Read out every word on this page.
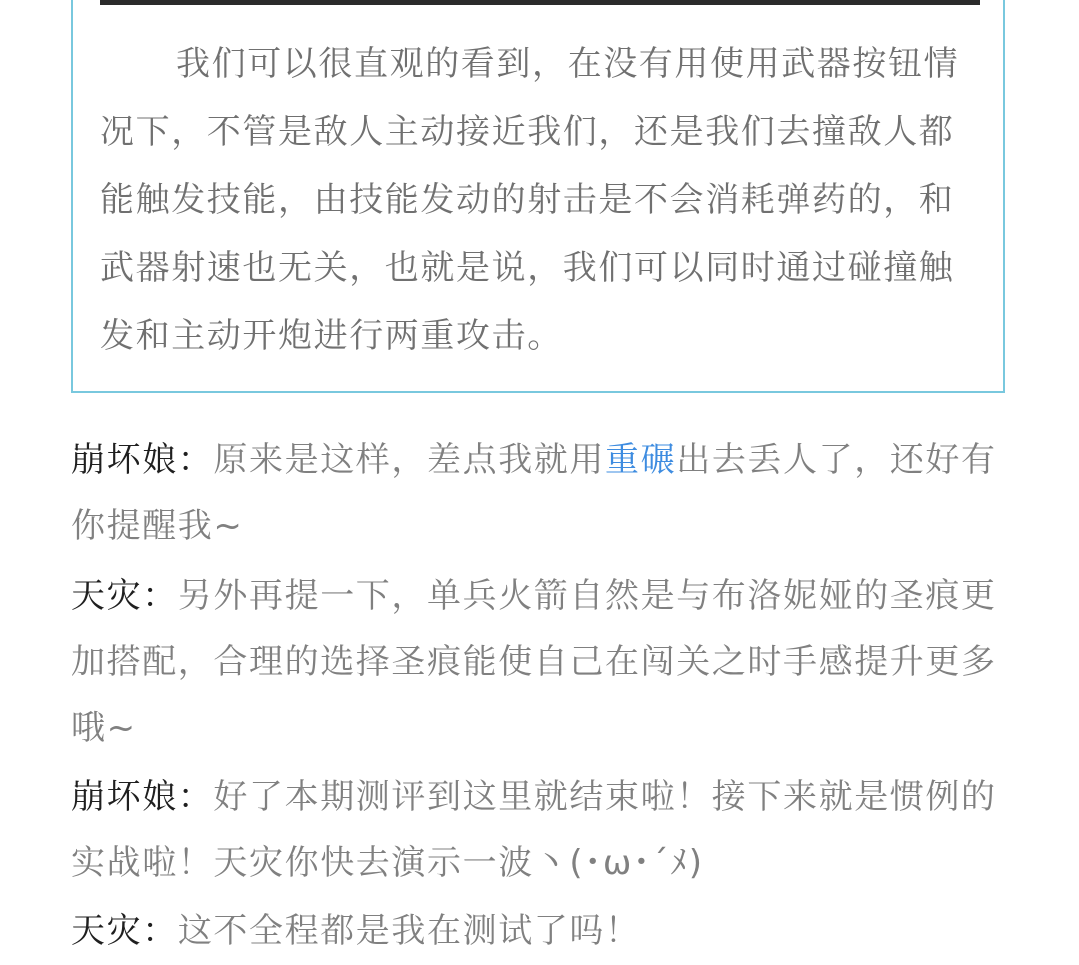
我们可以很直观的看到，在没有用使用武器按钮情况下，不管是敌人主动接近我们，还是我们去撞敌人都能触发技能，由技能发动的射击是不会消耗弹药的，和武器射速也无关，也就是说，我们可以同时通过碰撞触发和主动开炮进行两重攻击。

崩坏娘：原来是这样，差点我就用重碾出去丢人了，还好有你提醒我~

天灾：另外再提一下，单兵火箭自然是与布洛妮娅的圣痕更加搭配，合理的选择圣痕能使自己在闯关之时手感提升更多哦~

崩坏娘：好了本期测评到这里就结束啦！接下来就是惯例的实战啦！天灾你快去演示一波丶(･ω･´ﾒ)

天灾：这不全程都是我在测试了吗！
